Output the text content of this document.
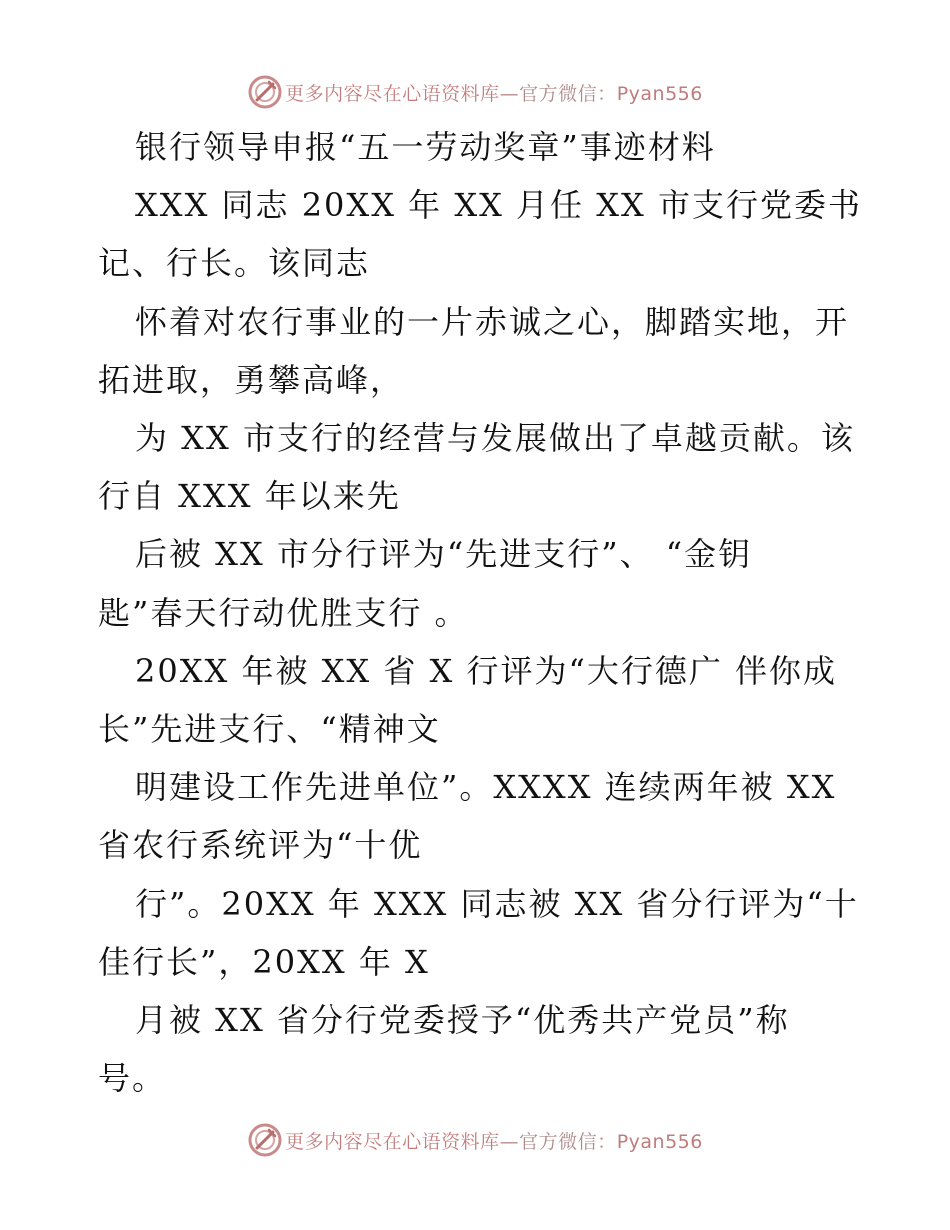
更多内容尽在心语资料库—官方微信：Pyan556
银行领导申报“五一劳动奖章”事迹材料
XXX 同志 20XX 年 XX 月任 XX 市支行党委书
记、行长。该同志
怀着对农行事业的一片赤诚之心，脚踏实地，开
拓进取，勇攀高峰，
为 XX 市支行的经营与发展做出了卓越贡献。该
行自 XXX 年以来先
后被 XX 市分行评为“先进支行”、 “金钥
匙”春天行动优胜支行 。
20XX 年被 XX 省 X 行评为“大行德广 伴你成
长”先进支行、“精神文
明建设工作先进单位”。XXXX 连续两年被 XX
省农行系统评为“十优
行”。20XX 年 XXX 同志被 XX 省分行评为“十
佳行长”，20XX 年 X
月被 XX 省分行党委授予“优秀共产党员”称
号。
更多内容尽在心语资料库—官方微信：Pyan556
